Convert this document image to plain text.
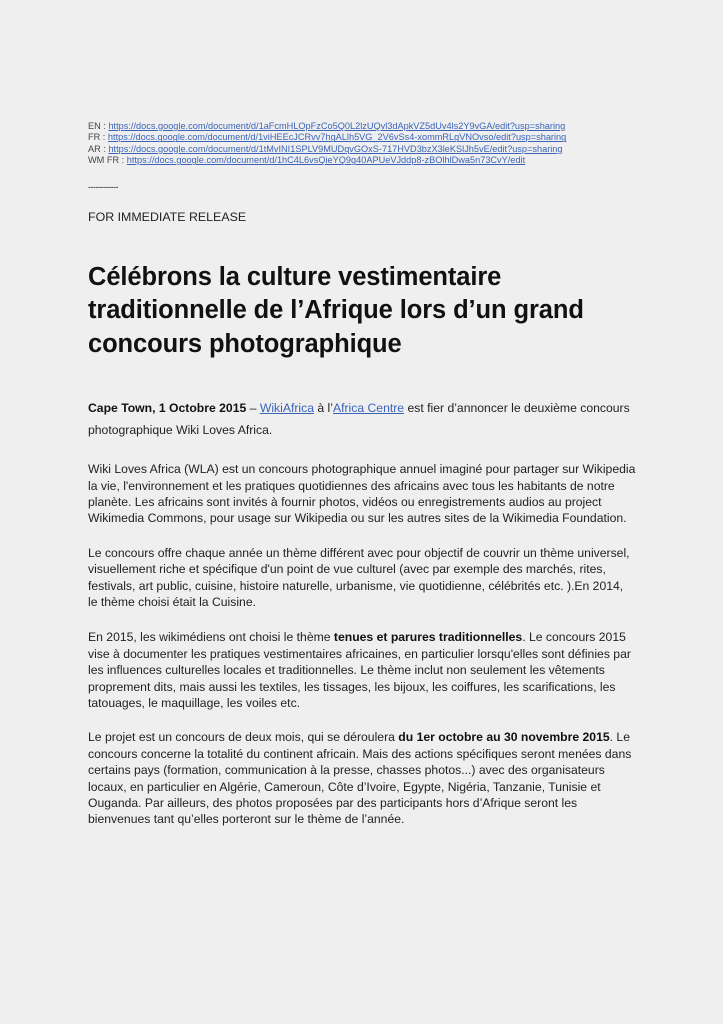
EN : https://docs.google.com/document/d/1aFcmHLOpFzCo5Q0L2lzUQvl3dApkVZ5dUv4ls2Y9vGA/edit?usp=sharing
FR : https://docs.google.com/document/d/1viHEEcJCRvv7hgALlh5VG_2V6vSs4-xommRLgVNOvso/edit?usp=sharing
AR : https://docs.google.com/document/d/1tMvINI1SPLV9MUDqvGOxS-717HVD3bzX3leKSlJh5vE/edit?usp=sharing
WM FR : https://docs.google.com/document/d/1hC4L6vsQieYQ9g40APUeVJddp8-zBOlhlDwa5n73CvY/edit
------------
FOR IMMEDIATE RELEASE
Célébrons la culture vestimentaire traditionnelle de l’Afrique lors d’un grand concours photographique

Cape Town, 1 Octobre 2015 – WikiAfrica à l’Africa Centre est fier d’annoncer le deuxième concours photographique Wiki Loves Africa.

Wiki Loves Africa (WLA) est un concours photographique annuel imaginé pour partager sur Wikipedia la vie, l'environnement et les pratiques quotidiennes des africains avec tous les habitants de notre planète. Les africains sont invités à fournir photos, vidéos ou enregistrements audios au project Wikimedia Commons, pour usage sur Wikipedia ou sur les autres sites de la Wikimedia Foundation.

Le concours offre chaque année un thème différent avec pour objectif de couvrir un thème universel, visuellement riche et spécifique d'un point de vue culturel (avec par exemple des marchés, rites, festivals, art public, cuisine, histoire naturelle, urbanisme, vie quotidienne, célébrités etc. ).En 2014, le thème choisi était la Cuisine.

En 2015, les wikimédiens ont choisi le thème tenues et parures traditionnelles. Le concours 2015 vise à documenter les pratiques vestimentaires africaines, en particulier lorsqu'elles sont définies par les influences culturelles locales et traditionnelles. Le thème inclut non seulement les vêtements proprement dits, mais aussi les textiles, les tissages, les bijoux, les coiffures, les scarifications, les tatouages, le maquillage, les voiles etc.

Le projet est un concours de deux mois, qui se déroulera du 1er octobre au 30 novembre 2015. Le concours concerne la totalité du continent africain. Mais des actions spécifiques seront menées dans certains pays (formation, communication à la presse, chasses photos...) avec des organisateurs locaux, en particulier en Algérie, Cameroun, Côte d’Ivoire, Egypte, Nigéria, Tanzanie, Tunisie et Ouganda. Par ailleurs, des photos proposées par des participants hors d’Afrique seront les bienvenues tant qu’elles porteront sur le thème de l’année.
